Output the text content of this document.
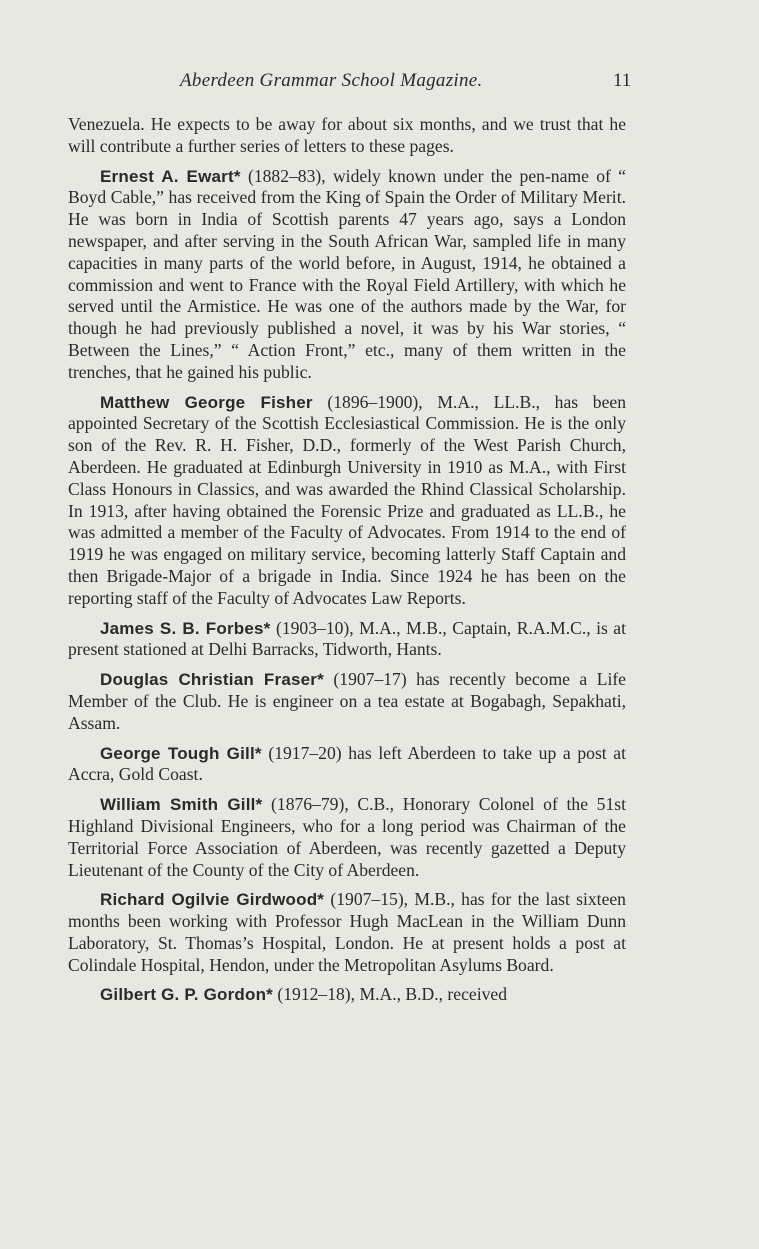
Aberdeen Grammar School Magazine.	11

Venezuela. He expects to be away for about six months, and we trust that he will contribute a further series of letters to these pages.

Ernest A. Ewart* (1882–83), widely known under the pen-name of “ Boyd Cable,” has received from the King of Spain the Order of Military Merit. He was born in India of Scottish parents 47 years ago, says a London newspaper, and after serving in the South African War, sampled life in many capacities in many parts of the world before, in August, 1914, he obtained a commission and went to France with the Royal Field Artillery, with which he served until the Armistice. He was one of the authors made by the War, for though he had previously published a novel, it was by his War stories, “ Between the Lines,” “ Action Front,” etc., many of them written in the trenches, that he gained his public.

Matthew George Fisher (1896–1900), M.A., LL.B., has been appointed Secretary of the Scottish Ecclesiastical Commission. He is the only son of the Rev. R. H. Fisher, D.D., formerly of the West Parish Church, Aberdeen. He graduated at Edinburgh University in 1910 as M.A., with First Class Honours in Classics, and was awarded the Rhind Classical Scholarship. In 1913, after having obtained the Forensic Prize and graduated as LL.B., he was admitted a member of the Faculty of Advocates. From 1914 to the end of 1919 he was engaged on military service, becoming latterly Staff Captain and then Brigade-Major of a brigade in India. Since 1924 he has been on the reporting staff of the Faculty of Advocates Law Reports.

James S. B. Forbes* (1903–10), M.A., M.B., Captain, R.A.M.C., is at present stationed at Delhi Barracks, Tidworth, Hants.

Douglas Christian Fraser* (1907–17) has recently become a Life Member of the Club. He is engineer on a tea estate at Bogabagh, Sepakhati, Assam.

George Tough Gill* (1917–20) has left Aberdeen to take up a post at Accra, Gold Coast.

William Smith Gill* (1876–79), C.B., Honorary Colonel of the 51st Highland Divisional Engineers, who for a long period was Chairman of the Territorial Force Association of Aberdeen, was recently gazetted a Deputy Lieutenant of the County of the City of Aberdeen.

Richard Ogilvie Girdwood* (1907–15), M.B., has for the last sixteen months been working with Professor Hugh MacLean in the William Dunn Laboratory, St. Thomas’s Hospital, London. He at present holds a post at Colindale Hospital, Hendon, under the Metropolitan Asylums Board.

Gilbert G. P. Gordon* (1912–18), M.A., B.D., received
